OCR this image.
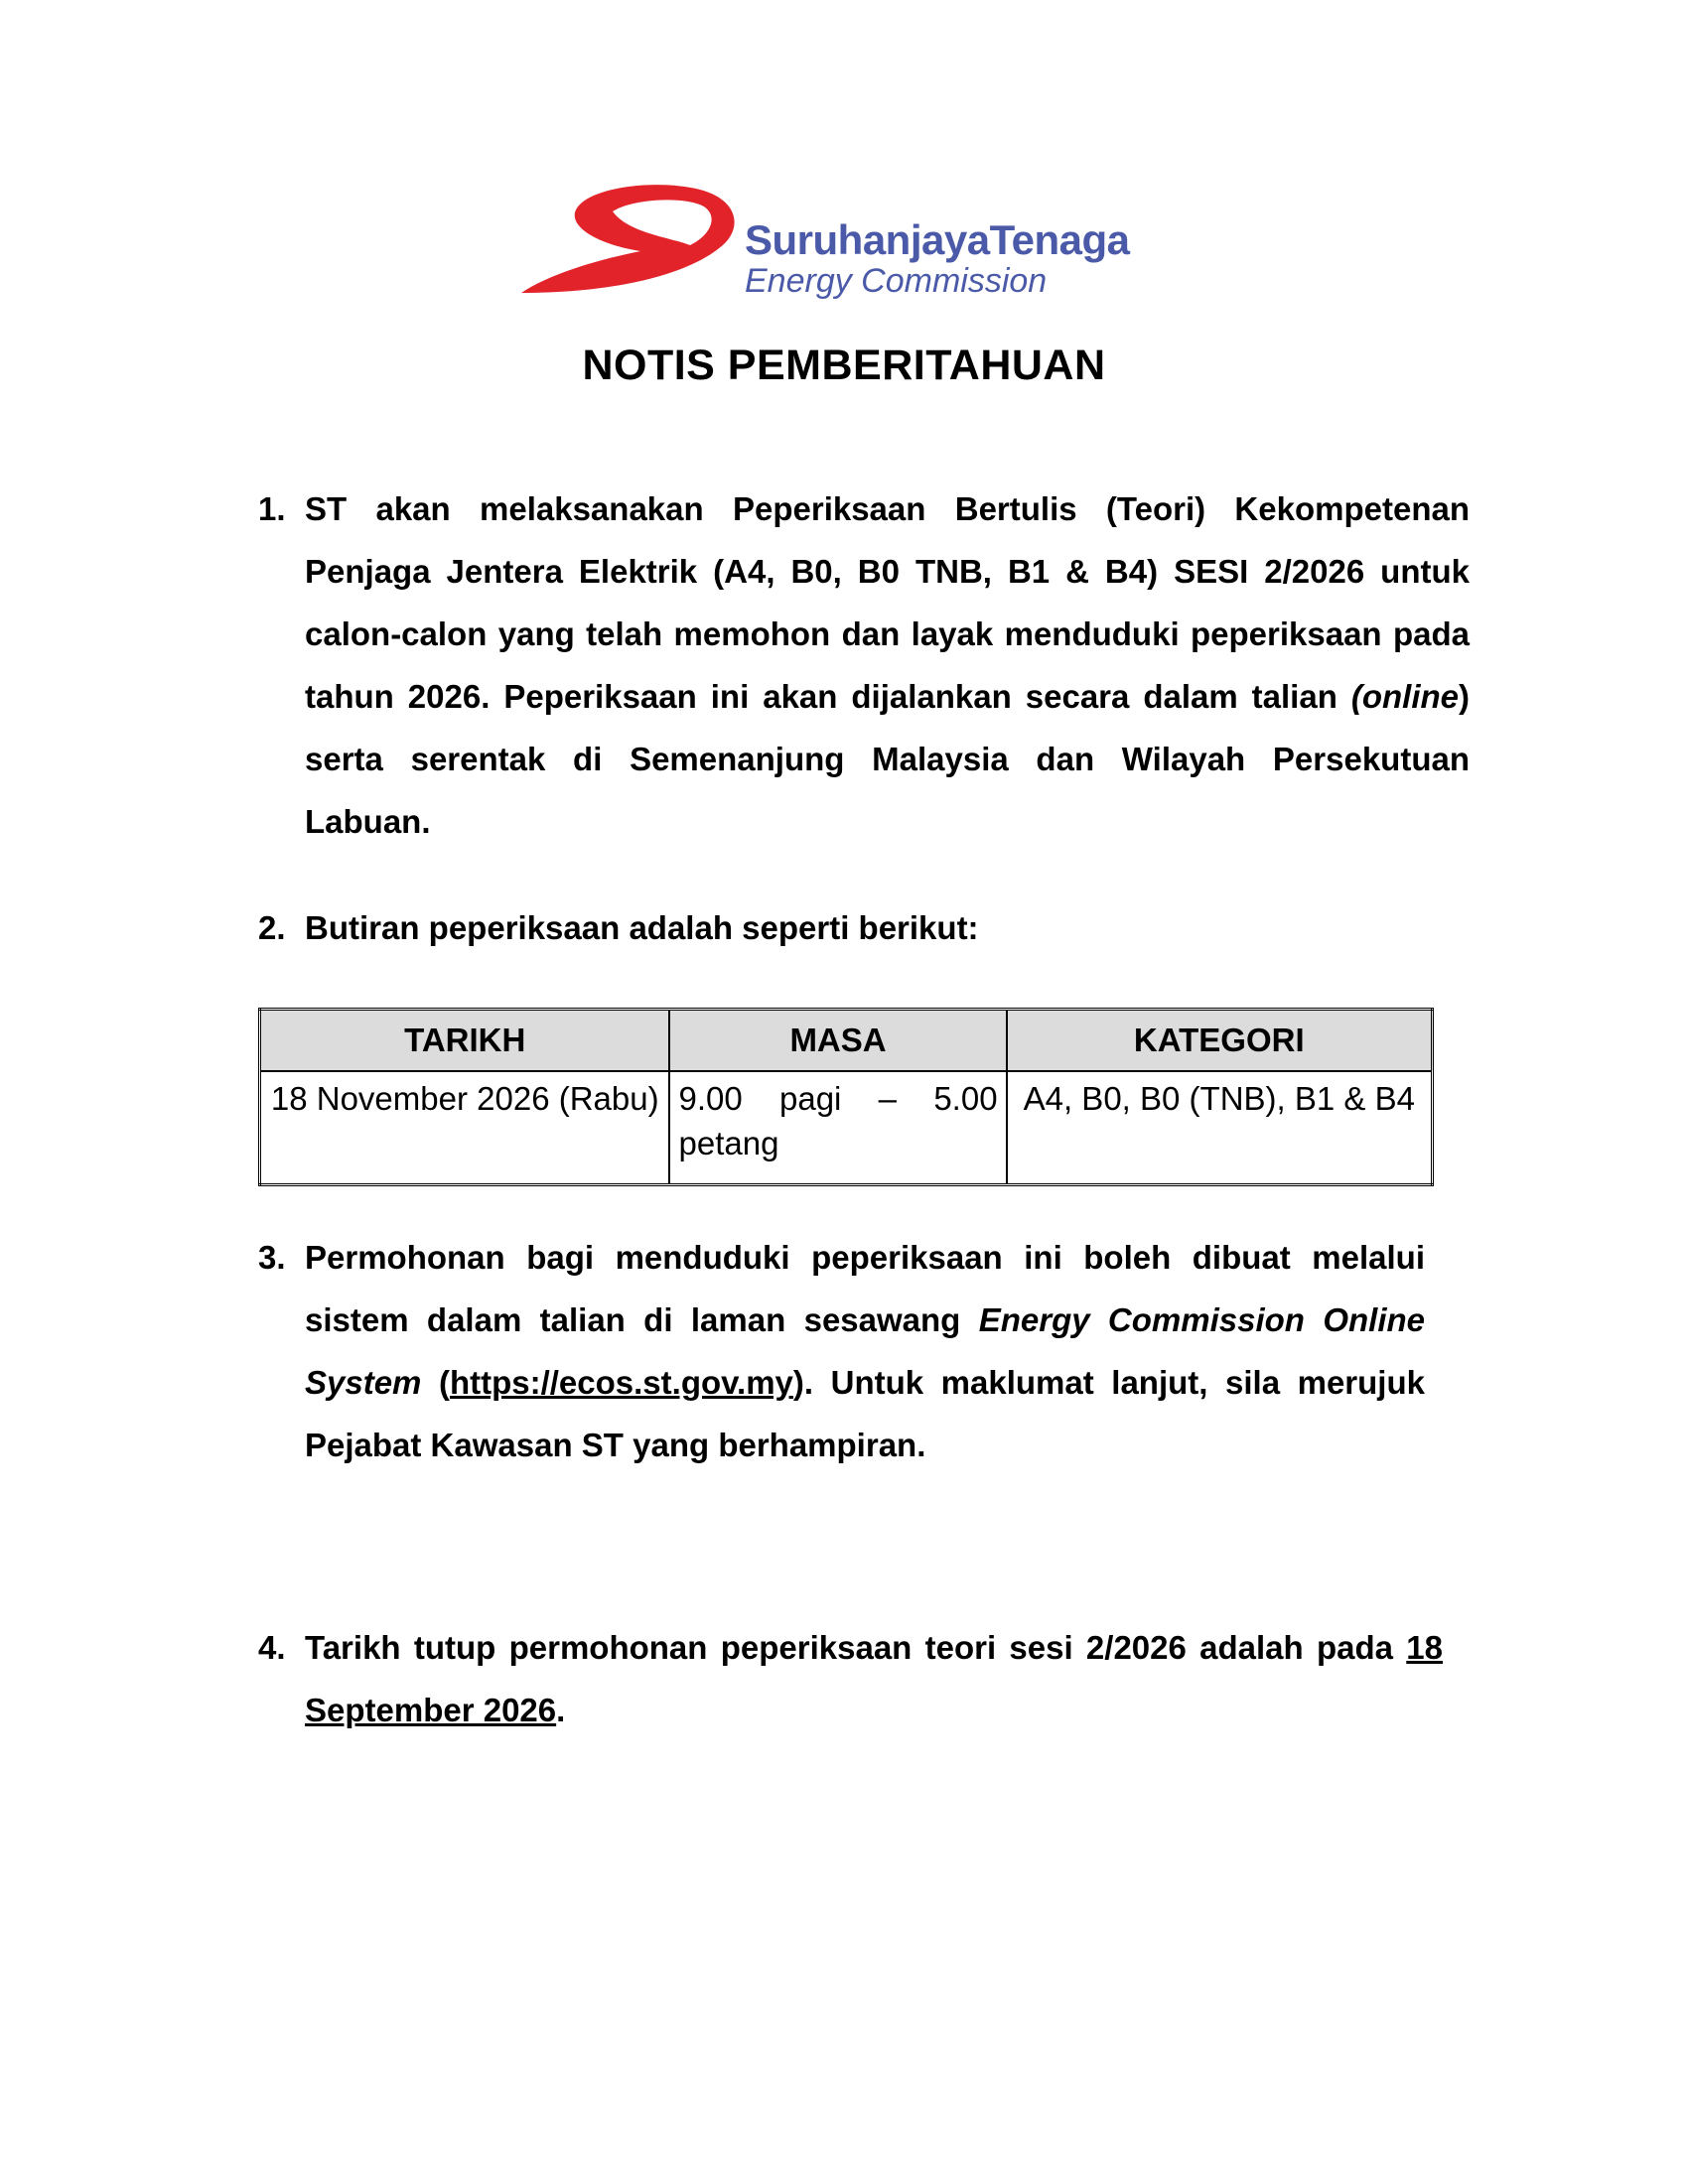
SuruhanjayaTenaga
Energy Commission
NOTIS PEMBERITAHUAN
1. ST akan melaksanakan Peperiksaan Bertulis (Teori) Kekompetenan Penjaga Jentera Elektrik (A4, B0, B0 TNB, B1 & B4) SESI 2/2026 untuk calon-calon yang telah memohon dan layak menduduki peperiksaan pada tahun 2026. Peperiksaan ini akan dijalankan secara dalam talian (online) serta serentak di Semenanjung Malaysia dan Wilayah Persekutuan Labuan.
2. Butiran peperiksaan adalah seperti berikut:
TARIKH	MASA	KATEGORI
18 November 2026 (Rabu)	9.00 pagi – 5.00 petang	A4, B0, B0 (TNB), B1 & B4
3. Permohonan bagi menduduki peperiksaan ini boleh dibuat melalui sistem dalam talian di laman sesawang Energy Commission Online System (https://ecos.st.gov.my). Untuk maklumat lanjut, sila merujuk Pejabat Kawasan ST yang berhampiran.
4. Tarikh tutup permohonan peperiksaan teori sesi 2/2026 adalah pada 18 September 2026.
